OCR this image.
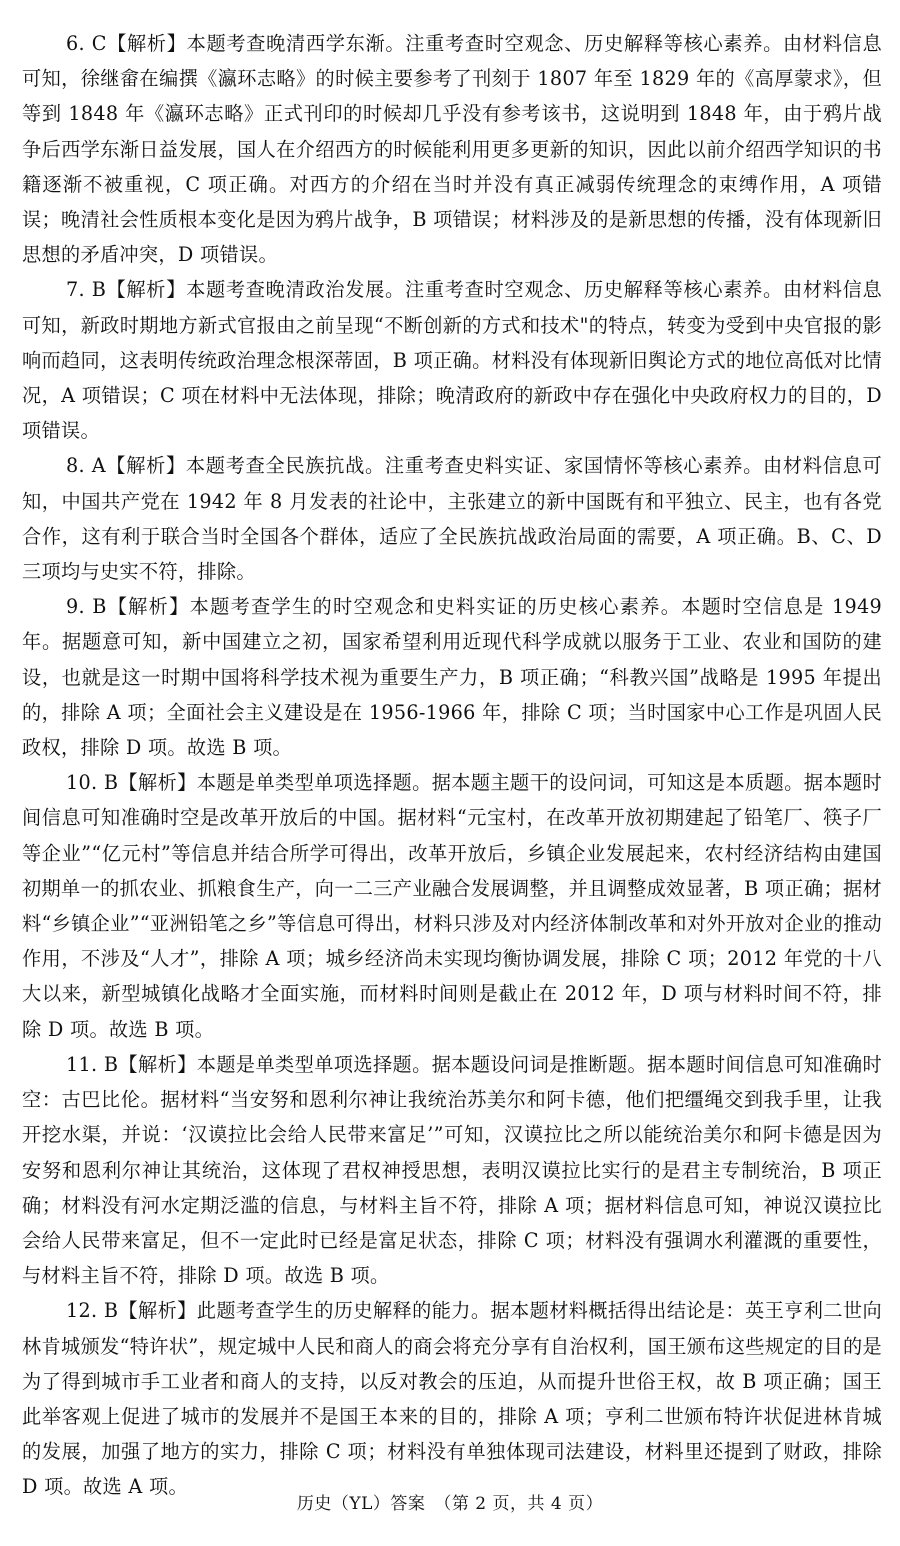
6. C【解析】本题考查晚清西学东渐。注重考查时空观念、历史解释等核心素养。由材料信息可知，徐继畲在编撰《瀛环志略》的时候主要参考了刊刻于 1807 年至 1829 年的《高厚蒙求》，但等到 1848 年《瀛环志略》正式刊印的时候却几乎没有参考该书，这说明到 1848 年，由于鸦片战争后西学东渐日益发展，国人在介绍西方的时候能利用更多更新的知识，因此以前介绍西学知识的书籍逐渐不被重视，C 项正确。对西方的介绍在当时并没有真正减弱传统理念的束缚作用，A 项错误；晚清社会性质根本变化是因为鸦片战争，B 项错误；材料涉及的是新思想的传播，没有体现新旧思想的矛盾冲突，D 项错误。

7. B【解析】本题考查晚清政治发展。注重考查时空观念、历史解释等核心素养。由材料信息可知，新政时期地方新式官报由之前呈现“不断创新的方式和技术"的特点，转变为受到中央官报的影响而趋同，这表明传统政治理念根深蒂固，B 项正确。材料没有体现新旧舆论方式的地位高低对比情况，A 项错误；C 项在材料中无法体现，排除；晚清政府的新政中存在强化中央政府权力的目的，D 项错误。

8. A【解析】本题考查全民族抗战。注重考查史料实证、家国情怀等核心素养。由材料信息可知，中国共产党在 1942 年 8 月发表的社论中，主张建立的新中国既有和平独立、民主，也有各党合作，这有利于联合当时全国各个群体，适应了全民族抗战政治局面的需要，A 项正确。B、C、D 三项均与史实不符，排除。

9. B【解析】本题考查学生的时空观念和史料实证的历史核心素养。本题时空信息是 1949 年。据题意可知，新中国建立之初，国家希望利用近现代科学成就以服务于工业、农业和国防的建设，也就是这一时期中国将科学技术视为重要生产力，B 项正确；“科教兴国”战略是 1995 年提出的，排除 A 项；全面社会主义建设是在 1956-1966 年，排除 C 项；当时国家中心工作是巩固人民政权，排除 D 项。故选 B 项。

10. B【解析】本题是单类型单项选择题。据本题主题干的设问词，可知这是本质题。据本题时间信息可知准确时空是改革开放后的中国。据材料“元宝村，在改革开放初期建起了铅笔厂、筷子厂等企业”“亿元村”等信息并结合所学可得出，改革开放后，乡镇企业发展起来，农村经济结构由建国初期单一的抓农业、抓粮食生产，向一二三产业融合发展调整，并且调整成效显著，B 项正确；据材料“乡镇企业”“亚洲铅笔之乡”等信息可得出，材料只涉及对内经济体制改革和对外开放对企业的推动作用，不涉及“人才”，排除 A 项；城乡经济尚未实现均衡协调发展，排除 C 项；2012 年党的十八大以来，新型城镇化战略才全面实施，而材料时间则是截止在 2012 年，D 项与材料时间不符，排除 D 项。故选 B 项。

11. B【解析】本题是单类型单项选择题。据本题设问词是推断题。据本题时间信息可知准确时空：古巴比伦。据材料“当安努和恩利尔神让我统治苏美尔和阿卡德，他们把缰绳交到我手里，让我开挖水渠，并说：‘汉谟拉比会给人民带来富足’”可知，汉谟拉比之所以能统治美尔和阿卡德是因为安努和恩利尔神让其统治，这体现了君权神授思想，表明汉谟拉比实行的是君主专制统治，B 项正确；材料没有河水定期泛滥的信息，与材料主旨不符，排除 A 项；据材料信息可知，神说汉谟拉比会给人民带来富足，但不一定此时已经是富足状态，排除 C 项；材料没有强调水利灌溉的重要性，与材料主旨不符，排除 D 项。故选 B 项。

12. B【解析】此题考查学生的历史解释的能力。据本题材料概括得出结论是：英王亨利二世向林肯城颁发“特许状”，规定城中人民和商人的商会将充分享有自治权利，国王颁布这些规定的目的是为了得到城市手工业者和商人的支持，以反对教会的压迫，从而提升世俗王权，故 B 项正确；国王此举客观上促进了城市的发展并不是国王本来的目的，排除 A 项；亨利二世颁布特许状促进林肯城的发展，加强了地方的实力，排除 C 项；材料没有单独体现司法建设，材料里还提到了财政，排除 D 项。故选 A 项。

历史（YL）答案　（第 2 页，共 4 页）
